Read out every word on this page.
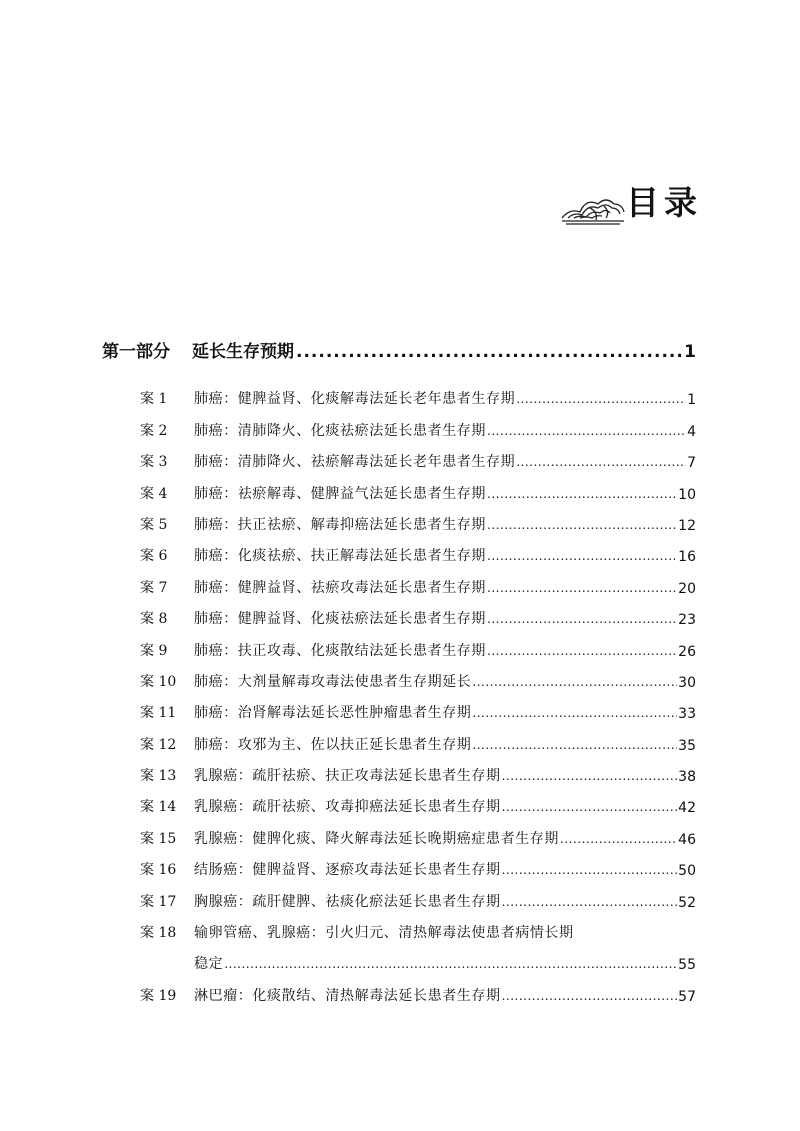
目录
第一部分 延长生存预期 .....	1
案 1	肺癌：健脾益肾、化痰解毒法延长老年患者生存期 .....	1
案 2	肺癌：清肺降火、化痰祛瘀法延长患者生存期 .....	4
案 3	肺癌：清肺降火、祛瘀解毒法延长老年患者生存期 .....	7
案 4	肺癌：祛瘀解毒、健脾益气法延长患者生存期 .....	10
案 5	肺癌：扶正祛瘀、解毒抑癌法延长患者生存期 .....	12
案 6	肺癌：化痰祛瘀、扶正解毒法延长患者生存期 .....	16
案 7	肺癌：健脾益肾、祛瘀攻毒法延长患者生存期 .....	20
案 8	肺癌：健脾益肾、化痰祛瘀法延长患者生存期 .....	23
案 9	肺癌：扶正攻毒、化痰散结法延长患者生存期 .....	26
案 10	肺癌：大剂量解毒攻毒法使患者生存期延长 .....	30
案 11	肺癌：治肾解毒法延长恶性肿瘤患者生存期 .....	33
案 12	肺癌：攻邪为主、佐以扶正延长患者生存期 .....	35
案 13	乳腺癌：疏肝祛瘀、扶正攻毒法延长患者生存期 .....	38
案 14	乳腺癌：疏肝祛瘀、攻毒抑癌法延长患者生存期 .....	42
案 15	乳腺癌：健脾化痰、降火解毒法延长晚期癌症患者生存期 .....	46
案 16	结肠癌：健脾益肾、逐瘀攻毒法延长患者生存期 .....	50
案 17	胸腺癌：疏肝健脾、祛痰化瘀法延长患者生存期 .....	52
案 18	输卵管癌、乳腺癌：引火归元、清热解毒法使患者病情长期
稳定 .....	55
案 19	淋巴瘤：化痰散结、清热解毒法延长患者生存期 .....	57
